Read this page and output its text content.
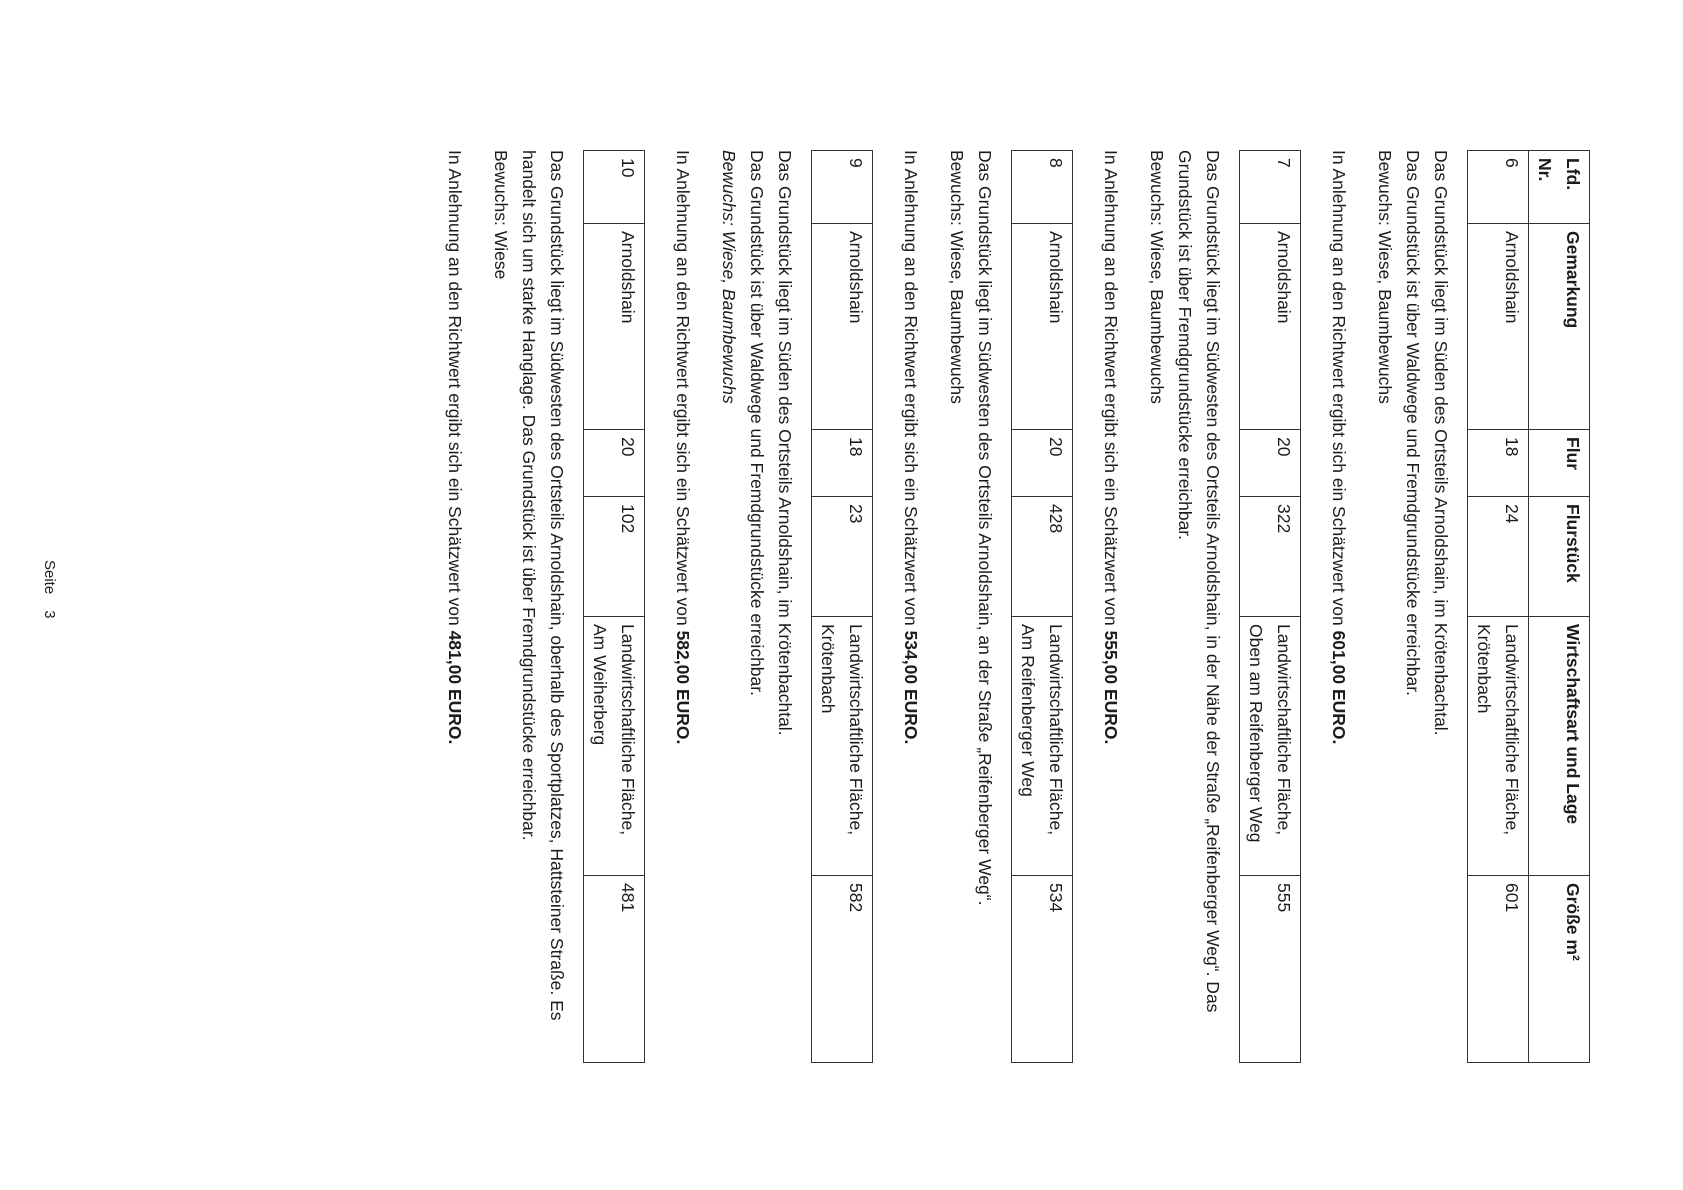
Lfd. Nr.	Gemarkung	Flur	Flurstück	Wirtschaftsart und Lage	Größe m²
6	Arnoldshain	18	24	Landwirtschaftliche Fläche,
Krötenbach	601

Das Grundstück liegt im Süden des Ortsteils Arnoldshain, im Krötenbachtal.

Das Grundstück ist über Waldwege und Fremdgrundstücke erreichbar.

Bewuchs: Wiese, Baumbewuchs

In Anlehnung an den Richtwert ergibt sich ein Schätzwert von 601,00 EURO.

7	Arnoldshain	20	322	Landwirtschaftliche Fläche,
Oben am Reifenberger Weg	555

Das Grundstück liegt im Südwesten des Ortsteils Arnoldshain, in der Nähe der Straße „Reifenberger Weg“. Das Grundstück ist über Fremdgrundstücke erreichbar.

Bewuchs: Wiese, Baumbewuchs

In Anlehnung an den Richtwert ergibt sich ein Schätzwert von 555,00 EURO.

8	Arnoldshain	20	428	Landwirtschaftliche Fläche,
Am Reifenberger Weg	534

Das Grundstück liegt im Südwesten des Ortsteils Arnoldshain, an der Straße „Reifenberger Weg“.

Bewuchs: Wiese, Baumbewuchs

In Anlehnung an den Richtwert ergibt sich ein Schätzwert von 534,00 EURO.

9	Arnoldshain	18	23	Landwirtschaftliche Fläche,
Krötenbach	582

Das Grundstück liegt im Süden des Ortsteils Arnoldshain, im Krötenbachtal.

Das Grundstück ist über Waldwege und Fremdgrundstücke erreichbar.

Bewuchs: Wiese, Baumbewuchs

In Anlehnung an den Richtwert ergibt sich ein Schätzwert von 582,00 EURO.

10	Arnoldshain	20	102	Landwirtschaftliche Fläche,
Am Weiherberg	481

Das Grundstück liegt im Südwesten des Ortsteils Arnoldshain, oberhalb des Sportplatzes, Hattsteiner Straße. Es handelt sich um starke Hanglage. Das Grundstück ist über Fremdgrundstücke erreichbar.

Bewuchs: Wiese

In Anlehnung an den Richtwert ergibt sich ein Schätzwert von 481,00 EURO.

Seite3
